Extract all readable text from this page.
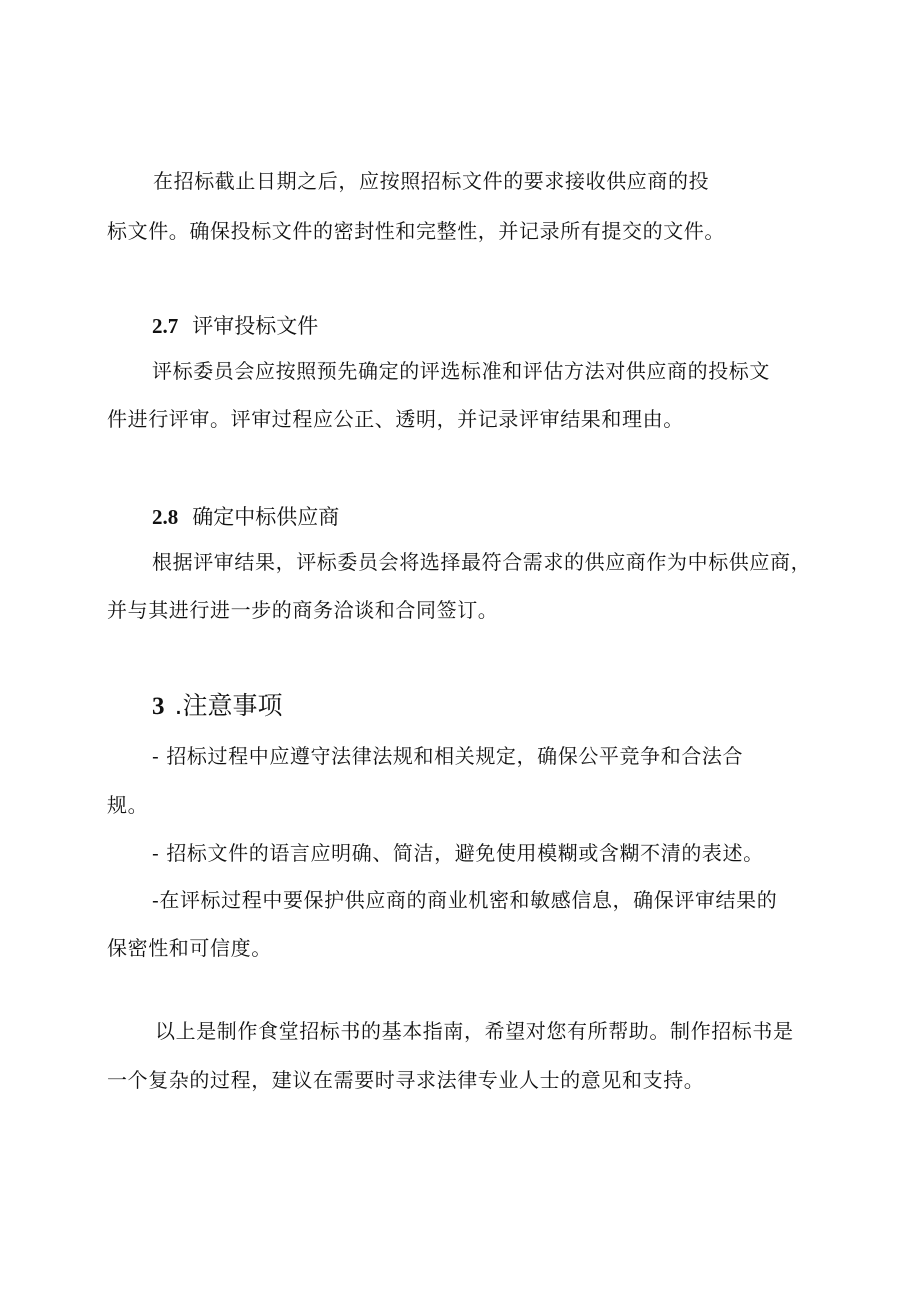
在招标截止日期之后，应按照招标文件的要求接收供应商的投
标文件。确保投标文件的密封性和完整性，并记录所有提交的文件。
2.7 评审投标文件
评标委员会应按照预先确定的评选标准和评估方法对供应商的投标文
件进行评审。评审过程应公正、透明，并记录评审结果和理由。
2.8 确定中标供应商
根据评审结果，评标委员会将选择最符合需求的供应商作为中标供应商，
并与其进行进一步的商务洽谈和合同签订。
3 .注意事项
- 招标过程中应遵守法律法规和相关规定，确保公平竞争和合法合
规。
- 招标文件的语言应明确、简洁，避免使用模糊或含糊不清的表述。
-在评标过程中要保护供应商的商业机密和敏感信息，确保评审结果的
保密性和可信度。
以上是制作食堂招标书的基本指南，希望对您有所帮助。制作招标书是
一个复杂的过程，建议在需要时寻求法律专业人士的意见和支持。
